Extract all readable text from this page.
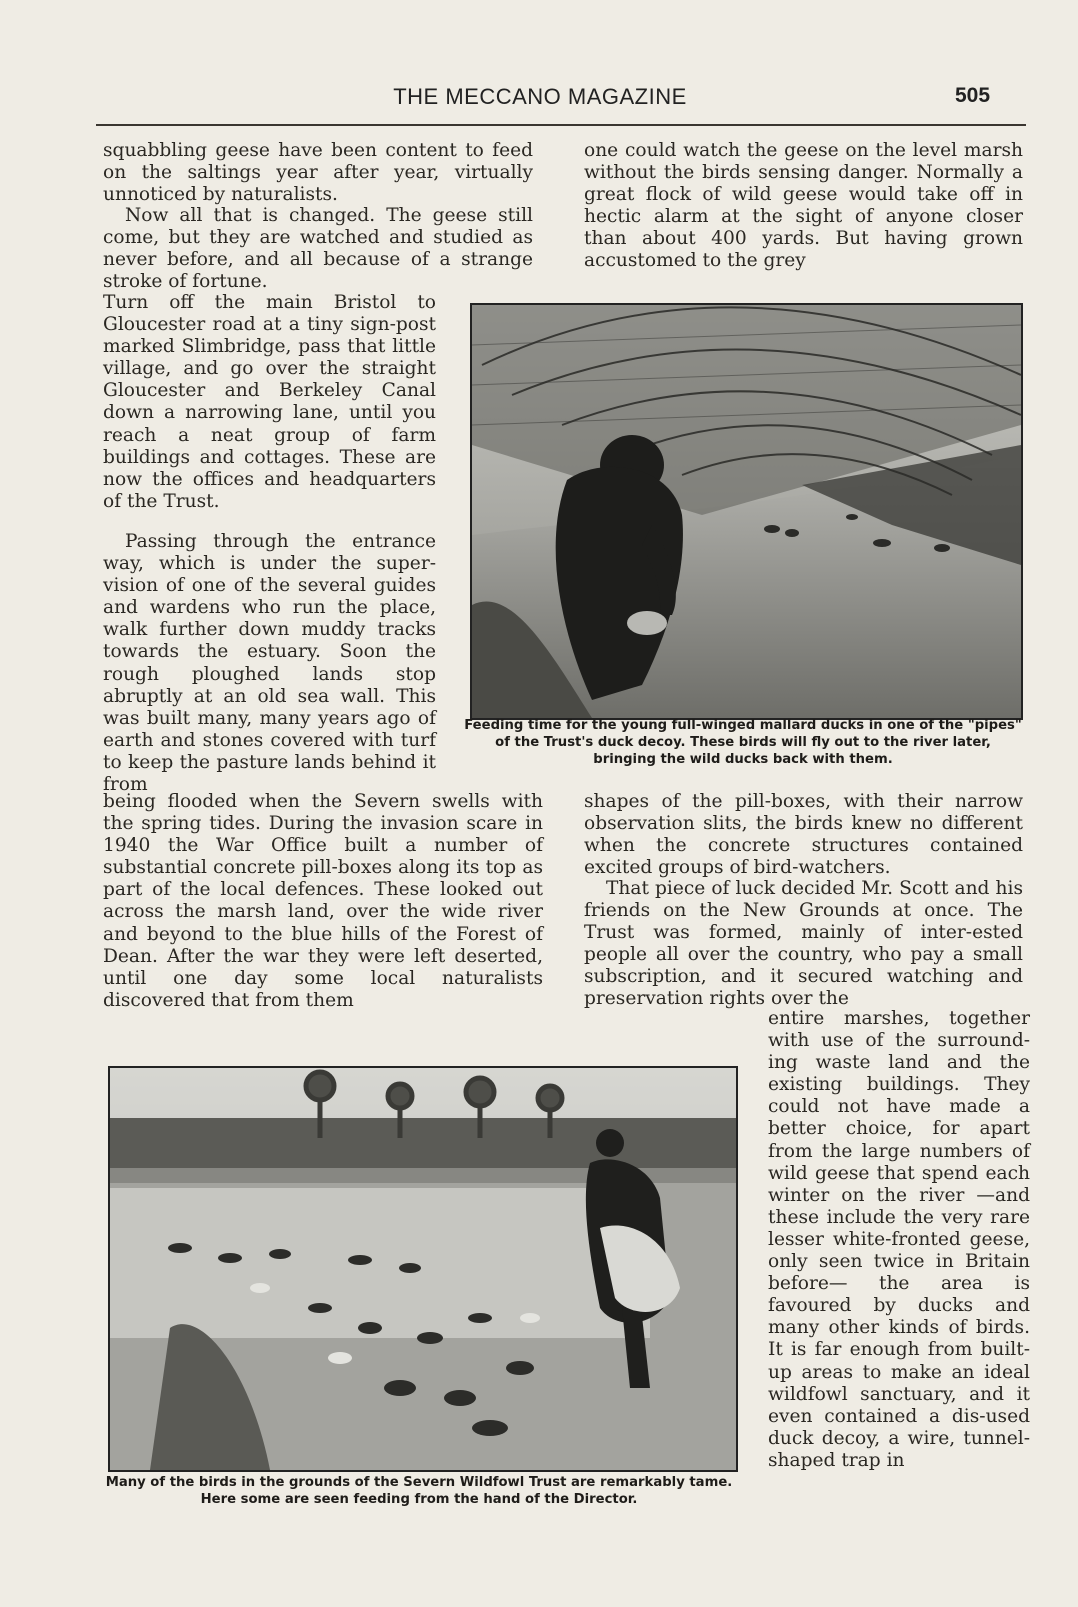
THE MECCANO MAGAZINE	505

squabbling geese have been content to feed on the saltings year after year, virtually unnoticed by naturalists.

Now all that is changed. The geese still come, but they are watched and studied as never before, and all because of a strange stroke of fortune.

Turn off the main Bristol to Gloucester road at a tiny sign-post marked Slimbridge, pass that little village, and go over the straight Gloucester and Berkeley Canal down a narrowing lane, until you reach a neat group of farm buildings and cottages. These are now the offices and headquarters of the Trust.

Passing through the entrance way, which is under the super-vision of one of the several guides and wardens who run the place, walk further down muddy tracks towards the estuary. Soon the rough ploughed lands stop abruptly at an old sea wall. This was built many, many years ago of earth and stones covered with turf to keep the pasture lands behind it from

being flooded when the Severn swells with the spring tides. During the invasion scare in 1940 the War Office built a number of substantial concrete pill-boxes along its top as part of the local defences. These looked out across the marsh land, over the wide river and beyond to the blue hills of the Forest of Dean. After the war they were left deserted, until one day some local naturalists discovered that from them

one could watch the geese on the level marsh without the birds sensing danger. Normally a great flock of wild geese would take off in hectic alarm at the sight of anyone closer than about 400 yards. But having grown accustomed to the grey

Feeding time for the young full-winged mallard ducks in one of the "pipes" of the Trust's duck decoy. These birds will fly out to the river later, bringing the wild ducks back with them.

shapes of the pill-boxes, with their narrow observation slits, the birds knew no different when the concrete structures contained excited groups of bird-watchers.

That piece of luck decided Mr. Scott and his friends on the New Grounds at once. The Trust was formed, mainly of inter-ested people all over the country, who pay a small subscription, and it secured watching and preservation rights over the

entire marshes, together with use of the surround-ing waste land and the existing buildings. They could not have made a better choice, for apart from the large numbers of wild geese that spend each winter on the river —and these include the very rare lesser white-fronted geese, only seen twice in Britain before— the area is favoured by ducks and many other kinds of birds. It is far enough from built-up areas to make an ideal wildfowl sanctuary, and it even contained a dis-used duck decoy, a wire, tunnel-shaped trap in

Many of the birds in the grounds of the Severn Wildfowl Trust are remarkably tame. Here some are seen feeding from the hand of the Director.
